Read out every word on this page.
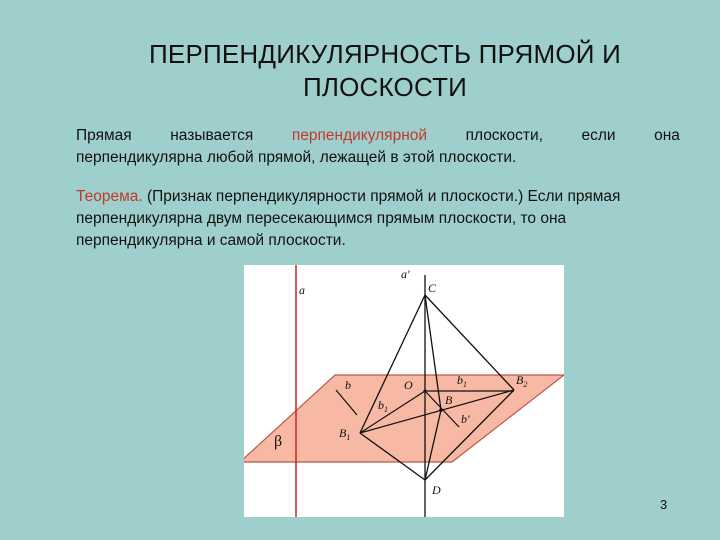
ПЕРПЕНДИКУЛЯРНОСТЬ ПРЯМОЙ И
ПЛОСКОСТИ
Прямая называется перпендикулярной плоскости, если она
перпендикулярна любой прямой, лежащей в этой плоскости.
Теорема. (Признак перпендикулярности прямой и плоскости.) Если прямая перпендикулярна двум пересекающимся прямым плоскости, то она перпендикулярна и самой плоскости.
a
a'
C
O
b
$b_1$
$b_1$
B
$B_1$
$B_2$
b'
D
β
3
